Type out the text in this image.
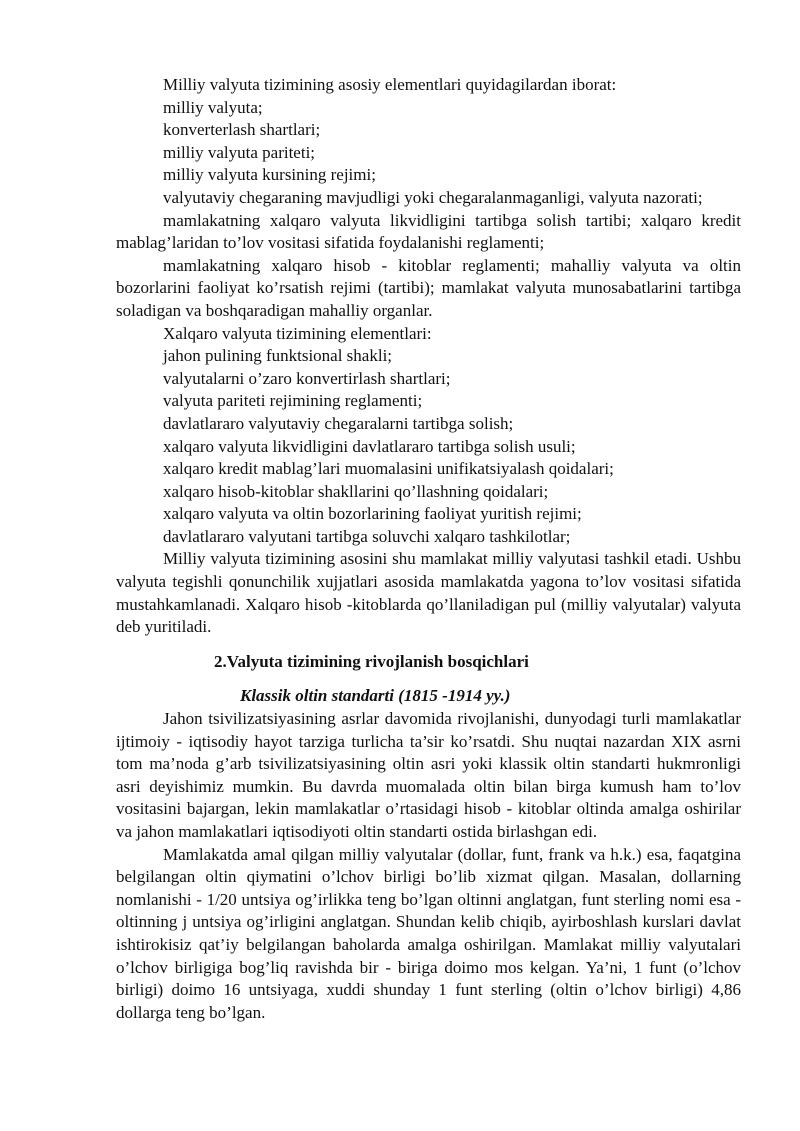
Milliy valyuta tizimining asosiy elementlari quyidagilardan iborat:

milliy valyuta;

konverterlash shartlari;

milliy valyuta pariteti;

milliy valyuta kursining rejimi;

valyutaviy chegaraning mavjudligi yoki chegaralanmaganligi, valyuta nazorati;

mamlakatning xalqaro valyuta likvidligini tartibga solish tartibi; xalqaro kredit mablag’laridan to’lov vositasi sifatida foydalanishi reglamenti;

mamlakatning xalqaro hisob - kitoblar reglamenti; mahalliy valyuta va oltin bozorlarini faoliyat ko’rsatish rejimi (tartibi); mamlakat valyuta munosabatlarini tartibga soladigan va boshqaradigan mahalliy organlar.

Xalqaro valyuta tizimining elementlari:

jahon pulining funktsional shakli;

valyutalarni o’zaro konvertirlash shartlari;

valyuta pariteti rejimining reglamenti;

davlatlararo valyutaviy chegaralarni tartibga solish;

xalqaro valyuta likvidligini davlatlararo tartibga solish usuli;

xalqaro kredit mablag’lari muomalasini unifikatsiyalash qoidalari;

xalqaro hisob-kitoblar shakllarini qo’llashning qoidalari;

xalqaro valyuta va oltin bozorlarining faoliyat yuritish rejimi;

davlatlararo valyutani tartibga soluvchi xalqaro tashkilotlar;

Milliy valyuta tizimining asosini shu mamlakat milliy valyutasi tashkil etadi. Ushbu valyuta tegishli qonunchilik xujjatlari asosida mamlakatda yagona to’lov vositasi sifatida mustahkamlanadi. Xalqaro hisob -kitoblarda qo’llaniladigan pul (milliy valyutalar) valyuta deb yuritiladi.

2.Valyuta tizimining rivojlanish bosqichlari
Klassik oltin standarti (1815 -1914 yy.)

Jahon tsivilizatsiyasining asrlar davomida rivojlanishi, dunyodagi turli mamlakatlar ijtimoiy - iqtisodiy hayot tarziga turlicha ta’sir ko’rsatdi. Shu nuqtai nazardan XIX asrni tom ma’noda g’arb tsivilizatsiyasining oltin asri yoki klassik oltin standarti hukmronligi asri deyishimiz mumkin. Bu davrda muomalada oltin bilan birga kumush ham to’lov vositasini bajargan, lekin mamlakatlar o’rtasidagi hisob - kitoblar oltinda amalga oshirilar va jahon mamlakatlari iqtisodiyoti oltin standarti ostida birlashgan edi.

Mamlakatda amal qilgan milliy valyutalar (dollar, funt, frank va h.k.) esa, faqatgina belgilangan oltin qiymatini o’lchov birligi bo’lib xizmat qilgan. Masalan, dollarning nomlanishi - 1/20 untsiya og’irlikka teng bo’lgan oltinni anglatgan, funt sterling nomi esa - oltinning j untsiya og’irligini anglatgan. Shundan kelib chiqib, ayirboshlash kurslari davlat ishtirokisiz qat’iy belgilangan baholarda amalga oshirilgan. Mamlakat milliy valyutalari o’lchov birligiga bog’liq ravishda bir - biriga doimo mos kelgan. Ya’ni, 1 funt (o’lchov birligi) doimo 16 untsiyaga, xuddi shunday 1 funt sterling (oltin o’lchov birligi) 4,86 dollarga teng bo’lgan.
